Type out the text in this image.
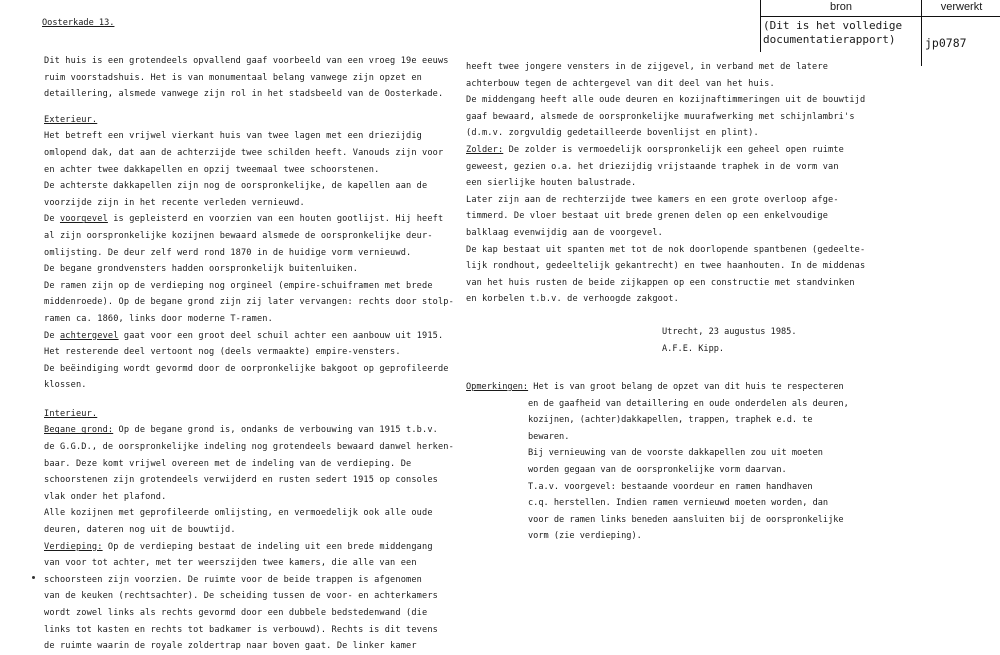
bron	verwerkt

(Dit is het volledige

documentatierapport)	jp0787
Oosterkade 13.

Dit huis is een grotendeels opvallend gaaf voorbeeld van een vroeg 19e eeuws

ruim voorstadshuis. Het is van monumentaal belang vanwege zijn opzet en

detaillering, alsmede vanwege zijn rol in het stadsbeeld van de Oosterkade.

Exterieur.

Het betreft een vrijwel vierkant huis van twee lagen met een driezijdig

omlopend dak, dat aan de achterzijde twee schilden heeft. Vanouds zijn voor

en achter twee dakkapellen en opzij tweemaal twee schoorstenen.

De achterste dakkapellen zijn nog de oorspronkelijke, de kapellen aan de

voorzijde zijn in het recente verleden vernieuwd.

De voorgevel is gepleisterd en voorzien van een houten gootlijst. Hij heeft

al zijn oorspronkelijke kozijnen bewaard alsmede de oorspronkelijke deur-

omlijsting. De deur zelf werd rond 1870 in de huidige vorm vernieuwd.

De begane grondvensters hadden oorspronkelijk buitenluiken.

De ramen zijn op de verdieping nog orgineel (empire-schuiframen met brede

middenroede). Op de begane grond zijn zij later vervangen: rechts door stolp-

ramen ca. 1860, links door moderne T-ramen.

De achtergevel gaat voor een groot deel schuil achter een aanbouw uit 1915.

Het resterende deel vertoont nog (deels vermaakte) empire-vensters.

De beëindiging wordt gevormd door de oorpronkelijke bakgoot op geprofileerde

klossen.

Interieur.

Begane grond: Op de begane grond is, ondanks de verbouwing van 1915 t.b.v.

de G.G.D., de oorspronkelijke indeling nog grotendeels bewaard danwel herken-

baar. Deze komt vrijwel overeen met de indeling van de verdieping. De

schoorstenen zijn grotendeels verwijderd en rusten sedert 1915 op consoles

vlak onder het plafond.

Alle kozijnen met geprofileerde omlijsting, en vermoedelijk ook alle oude

deuren, dateren nog uit de bouwtijd.

Verdieping: Op de verdieping bestaat de indeling uit een brede middengang

van voor tot achter, met ter weerszijden twee kamers, die alle van een

schoorsteen zijn voorzien. De ruimte voor de beide trappen is afgenomen

van de keuken (rechtsachter). De scheiding tussen de voor- en achterkamers

wordt zowel links als rechts gevormd door een dubbele bedstedenwand (die

links tot kasten en rechts tot badkamer is verbouwd). Rechts is dit tevens

de ruimte waarin de royale zoldertrap naar boven gaat. De linker kamer

heeft twee jongere vensters in de zijgevel, in verband met de latere

achterbouw tegen de achtergevel van dit deel van het huis.

De middengang heeft alle oude deuren en kozijnaftimmeringen uit de bouwtijd

gaaf bewaard, alsmede de oorspronkelijke muurafwerking met schijnlambri's

(d.m.v. zorgvuldig gedetailleerde bovenlijst en plint).

Zolder: De zolder is vermoedelijk oorspronkelijk een geheel open ruimte

geweest, gezien o.a. het driezijdig vrijstaande traphek in de vorm van

een sierlijke houten balustrade.

Later zijn aan de rechterzijde twee kamers en een grote overloop afge-

timmerd. De vloer bestaat uit brede grenen delen op een enkelvoudige

balklaag evenwijdig aan de voorgevel.

De kap bestaat uit spanten met tot de nok doorlopende spantbenen (gedeelte-

lijk rondhout, gedeeltelijk gekantrecht) en twee haanhouten. In de middenas

van het huis rusten de beide zijkappen op een constructie met standvinken

en korbelen t.b.v. de verhoogde zakgoot.

Utrecht, 23 augustus 1985.

A.F.E. Kipp.

Opmerkingen: Het is van groot belang de opzet van dit huis te respecteren

en de gaafheid van detaillering en oude onderdelen als deuren,

kozijnen, (achter)dakkapellen, trappen, traphek e.d. te

bewaren.

Bij vernieuwing van de voorste dakkapellen zou uit moeten

worden gegaan van de oorspronkelijke vorm daarvan.

T.a.v. voorgevel: bestaande voordeur en ramen handhaven

c.q. herstellen. Indien ramen vernieuwd moeten worden, dan

voor de ramen links beneden aansluiten bij de oorspronkelijke

vorm (zie verdieping).
